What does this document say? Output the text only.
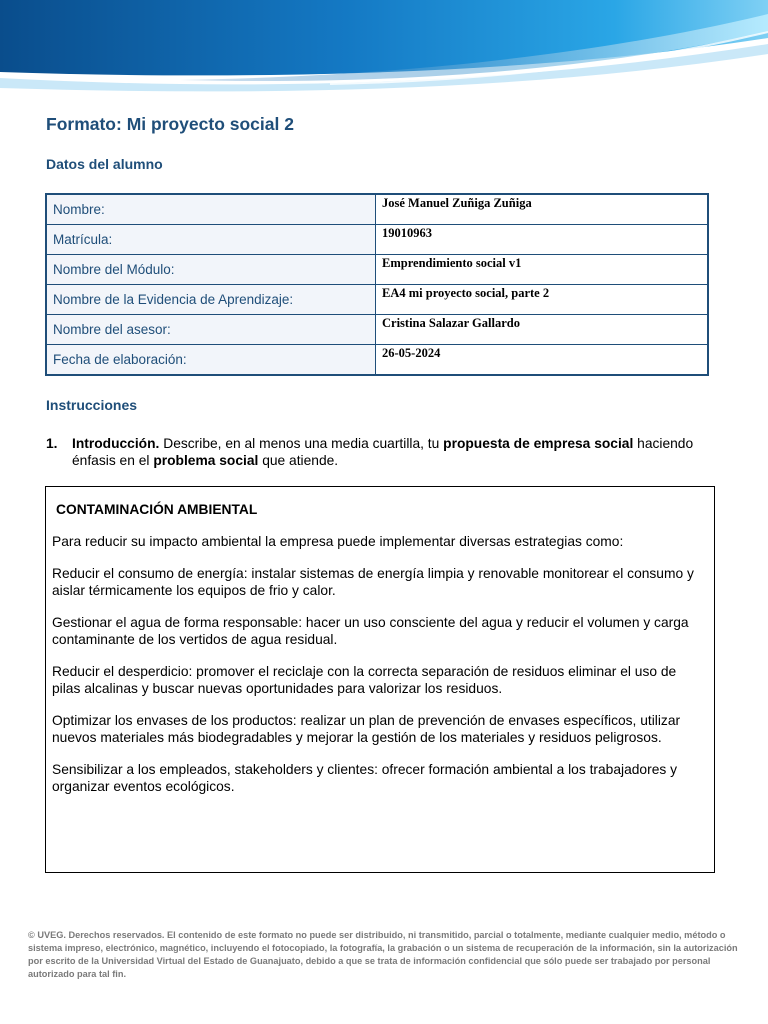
Formato: Mi proyecto social 2
Datos del alumno
Nombre:	José Manuel Zuñiga Zuñiga
Matrícula:	19010963
Nombre del Módulo:	Emprendimiento social v1
Nombre de la Evidencia de Aprendizaje:	EA4 mi proyecto social, parte 2
Nombre del asesor:	Cristina Salazar Gallardo
Fecha de elaboración:	26-05-2024
Instrucciones
1. Introducción. Describe, en al menos una media cuartilla, tu propuesta de empresa social haciendo énfasis en el problema social que atiende.
CONTAMINACIÓN AMBIENTAL

Para reducir su impacto ambiental la empresa puede implementar diversas estrategias como:

Reducir el consumo de energía: instalar sistemas de energía limpia y renovable monitorear el consumo y aislar térmicamente los equipos de frio y calor.

Gestionar el agua de forma responsable: hacer un uso consciente del agua y reducir el volumen y carga contaminante de los vertidos de agua residual.

Reducir el desperdicio: promover el reciclaje con la correcta separación de residuos eliminar el uso de pilas alcalinas y buscar nuevas oportunidades para valorizar los residuos.

Optimizar los envases de los productos: realizar un plan de prevención de envases específicos, utilizar nuevos materiales más biodegradables y mejorar la gestión de los materiales y residuos peligrosos.

Sensibilizar a los empleados, stakeholders y clientes: ofrecer formación ambiental a los trabajadores y organizar eventos ecológicos.

© UVEG. Derechos reservados. El contenido de este formato no puede ser distribuido, ni transmitido, parcial o totalmente, mediante cualquier medio, método o sistema impreso, electrónico, magnético, incluyendo el fotocopiado, la fotografía, la grabación o un sistema de recuperación de la información, sin la autorización por escrito de la Universidad Virtual del Estado de Guanajuato, debido a que se trata de información confidencial que sólo puede ser trabajado por personal autorizado para tal fin.
